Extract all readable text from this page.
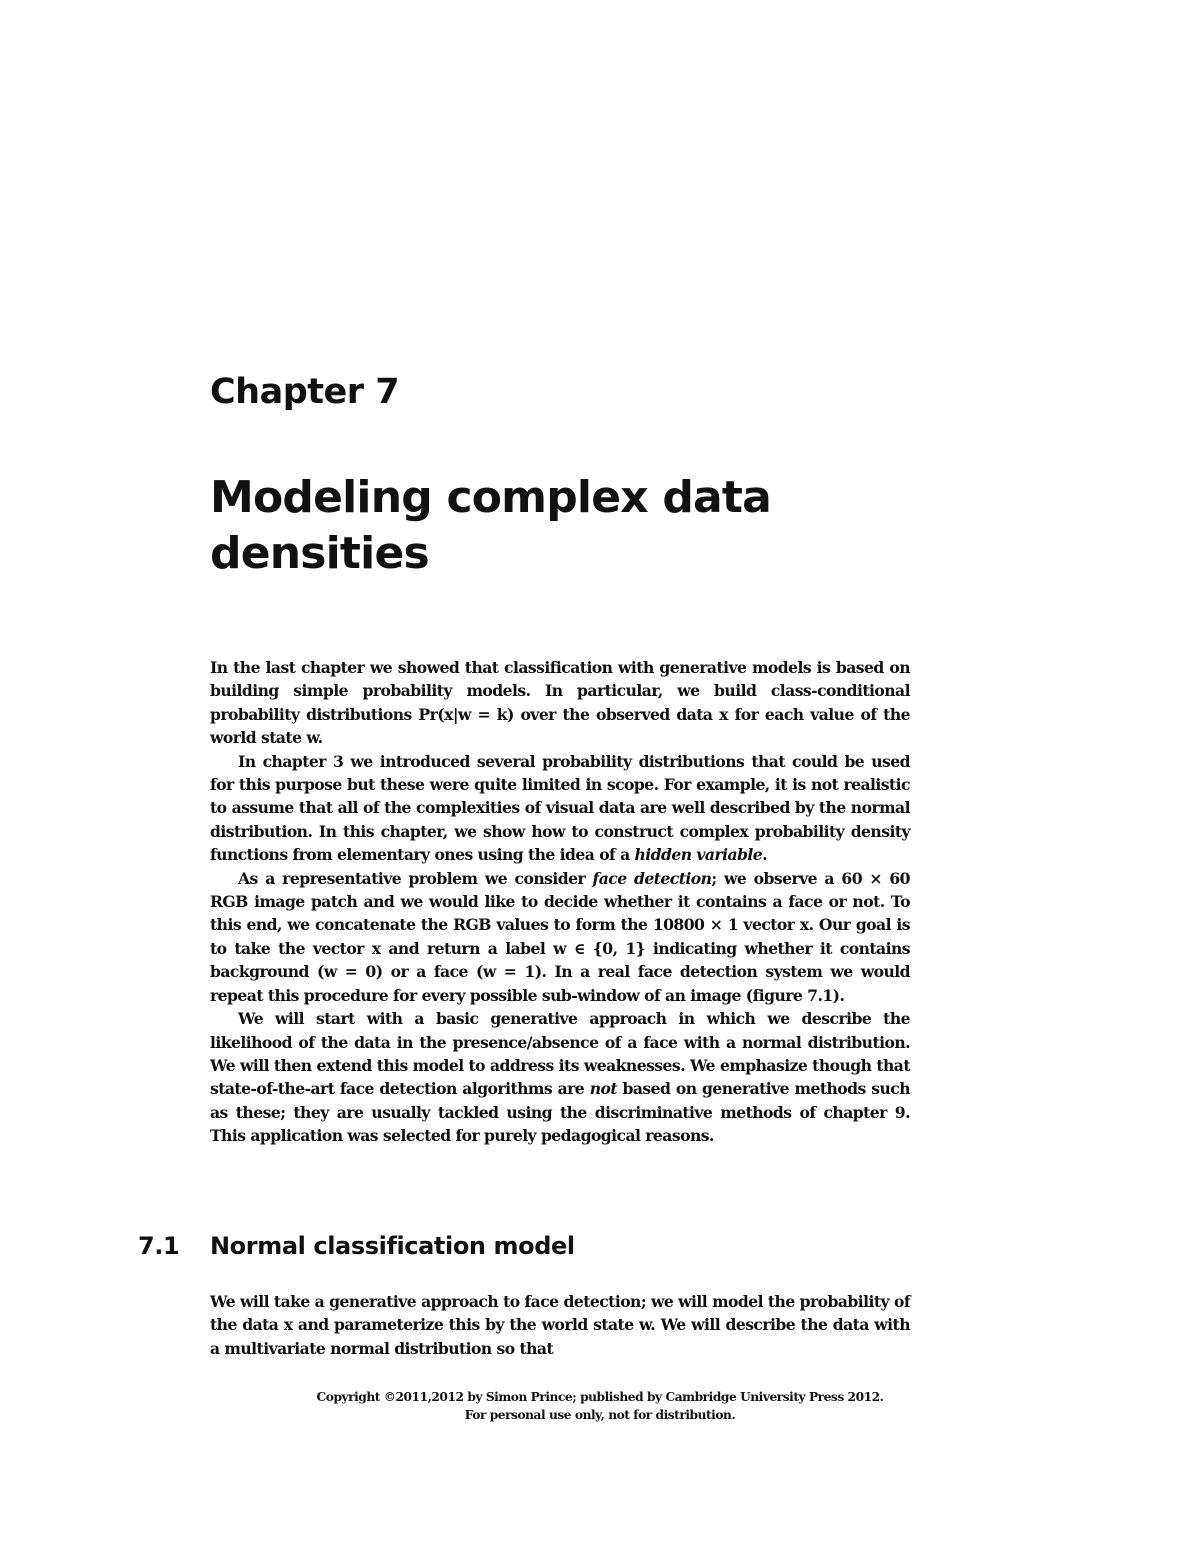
Chapter 7
Modeling complex data densities

In the last chapter we showed that classification with generative models is based on building simple probability models. In particular, we build class-conditional probability distributions Pr(x|w = k) over the observed data x for each value of the world state w.

In chapter 3 we introduced several probability distributions that could be used for this purpose but these were quite limited in scope. For example, it is not realistic to assume that all of the complexities of visual data are well described by the normal distribution. In this chapter, we show how to construct complex probability density functions from elementary ones using the idea of a hidden variable.

As a representative problem we consider face detection; we observe a 60 × 60 RGB image patch and we would like to decide whether it contains a face or not. To this end, we concatenate the RGB values to form the 10800 × 1 vector x. Our goal is to take the vector x and return a label w ∈ {0, 1} indicating whether it contains background (w = 0) or a face (w = 1). In a real face detection system we would repeat this procedure for every possible sub-window of an image (figure 7.1).

We will start with a basic generative approach in which we describe the likelihood of the data in the presence/absence of a face with a normal distribution. We will then extend this model to address its weaknesses. We emphasize though that state-of-the-art face detection algorithms are not based on generative methods such as these; they are usually tackled using the discriminative methods of chapter 9. This application was selected for purely pedagogical reasons.

7.1 Normal classification model

We will take a generative approach to face detection; we will model the probability of the data x and parameterize this by the world state w. We will describe the data with a multivariate normal distribution so that

Copyright ©2011,2012 by Simon Prince; published by Cambridge University Press 2012.
For personal use only, not for distribution.
